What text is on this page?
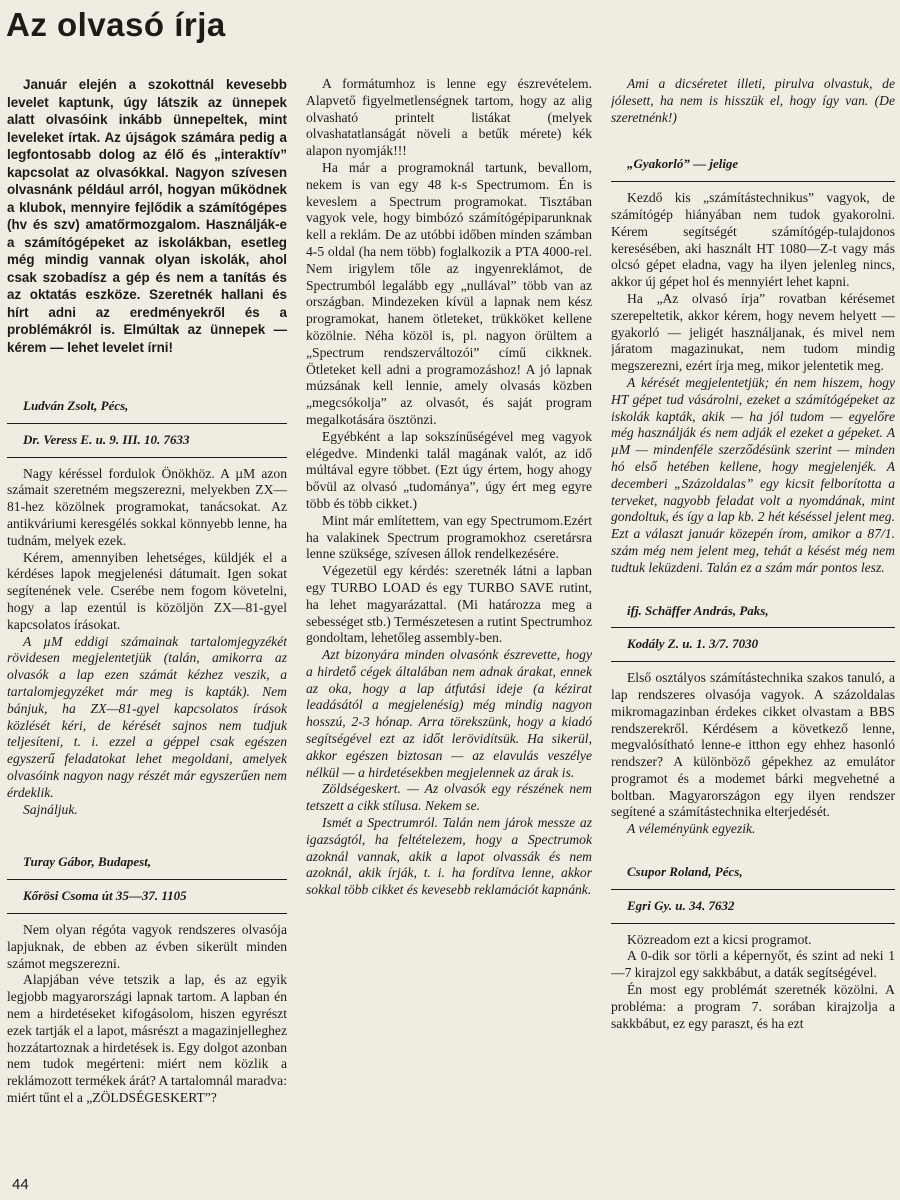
Az olvasó írja

Január elején a szokottnál kevesebb levelet kaptunk, úgy látszik az ünnepek alatt olvasóink inkább ünnepeltek, mint leveleket írtak. Az újságok számára pedig a legfontosabb dolog az élő és „interaktív” kapcsolat az olvasókkal. Nagyon szívesen olvasnánk például arról, hogyan működnek a klubok, mennyire fejlődik a számítógépes (hv és szv) amatőrmozgalom. Használják-e a számítógépeket az iskolákban, esetleg még mindig vannak olyan iskolák, ahol csak szobadísz a gép és nem a tanítás és az oktatás eszköze. Szeretnék hallani és hírt adni az eredményekről és a problémákról is. Elmúltak az ünnepek — kérem — lehet levelet írni!

Ludván Zsolt, Pécs,

Dr. Veress E. u. 9. III. 10. 7633

Nagy kéréssel fordulok Önökhöz. A µM azon számait szeretném megszerezni, melyekben ZX—81-hez közölnek programokat, tanácsokat. Az antikváriumi keresgélés sokkal könnyebb lenne, ha tudnám, melyek ezek.

Kérem, amennyiben lehetséges, küldjék el a kérdéses lapok megjelenési dátumait. Igen sokat segítenének vele. Cserébe nem fogom követelni, hogy a lap ezentúl is közöljön ZX—81-gyel kapcsolatos írásokat.

A µM eddigi számainak tartalomjegyzékét rövidesen megjelentetjük (talán, amikorra az olvasók a lap ezen számát kézhez veszik, a tartalomjegyzéket már meg is kapták). Nem bánjuk, ha ZX—81-gyel kapcsolatos írások közlését kéri, de kérését sajnos nem tudjuk teljesíteni, t. i. ezzel a géppel csak egészen egyszerű feladatokat lehet megoldani, amelyek olvasóink nagyon nagy részét már egyszerűen nem érdeklik.

Sajnáljuk.

Turay Gábor, Budapest,

Kőrösi Csoma út 35—37. 1105

Nem olyan régóta vagyok rendszeres olvasója lapjuknak, de ebben az évben sikerült minden számot megszerezni.

Alapjában véve tetszik a lap, és az egyik legjobb magyarországi lapnak tartom. A lapban én nem a hirdetéseket kifogásolom, hiszen egyrészt ezek tartják el a lapot, másrészt a magazinjelleghez hozzátartoznak a hirdetések is. Egy dolgot azonban nem tudok megérteni: miért nem közlik a reklámozott termékek árát? A tartalomnál maradva: miért tűnt el a „ZÖLDSÉGESKERT”?

A formátumhoz is lenne egy észrevételem. Alapvető figyelmetlenségnek tartom, hogy az alig olvasható printelt listákat (melyek olvashatatlanságát növeli a betűk mérete) kék alapon nyomják!!!

Ha már a programoknál tartunk, bevallom, nekem is van egy 48 k-s Spectrumom. Én is keveslem a Spectrum programokat. Tisztában vagyok vele, hogy bimbózó számítógépiparunknak kell a reklám. De az utóbbi időben minden számban 4-5 oldal (ha nem több) foglalkozik a PTA 4000-rel. Nem irigylem tőle az ingyenreklámot, de Spectrumból legalább egy „nullával” több van az országban. Mindezeken kívül a lapnak nem kész programokat, hanem ötleteket, trükköket kellene közölnie. Néha közöl is, pl. nagyon örültem a „Spectrum rendszerváltozói” című cikknek. Ötleteket kell adni a programozáshoz! A jó lapnak múzsának kell lennie, amely olvasás közben „megcsókolja” az olvasót, és saját program megalkotására ösztönzi.

Egyébként a lap sokszínűségével meg vagyok elégedve. Mindenki talál magának valót, az idő múltával egyre többet. (Ezt úgy értem, hogy ahogy bővül az olvasó „tudománya”, úgy ért meg egyre több és több cikket.)

Mint már említettem, van egy Spectrumom.Ezért ha valakinek Spectrum programokhoz cseretársra lenne szüksége, szívesen állok rendelkezésére.

Végezetül egy kérdés: szeretnék látni a lapban egy TURBO LOAD és egy TURBO SAVE rutint, ha lehet magyarázattal. (Mi határozza meg a sebességet stb.) Természetesen a rutint Spectrumhoz gondoltam, lehetőleg assembly-ben.

Azt bizonyára minden olvasónk észrevette, hogy a hirdető cégek általában nem adnak árakat, ennek az oka, hogy a lap átfutási ideje (a kézirat leadásától a megjelenésig) még mindig nagyon hosszú, 2-3 hónap. Arra törekszünk, hogy a kiadó segítségével ezt az időt lerövidítsük. Ha sikerül, akkor egészen biztosan — az elavulás veszélye nélkül — a hirdetésekben megjelennek az árak is.

Zöldségeskert. — Az olvasók egy részének nem tetszett a cikk stílusa. Nekem se.

Ismét a Spectrumról. Talán nem járok messze az igazságtól, ha feltételezem, hogy a Spectrumok azoknál vannak, akik a lapot olvassák és nem azoknál, akik írják, t. i. ha fordítva lenne, akkor sokkal több cikket és kevesebb reklamációt kapnánk.

Ami a dicséretet illeti, pirulva olvastuk, de jólesett, ha nem is hisszük el, hogy így van. (De szeretnénk!)

„Gyakorló” — jelige

Kezdő kis „számítástechnikus” vagyok, de számítógép hiányában nem tudok gyakorolni. Kérem segítségét számítógép-tulajdonos keresésében, aki használt HT 1080—Z-t vagy más olcsó gépet eladna, vagy ha ilyen jelenleg nincs, akkor új gépet hol és mennyiért lehet kapni.

Ha „Az olvasó írja” rovatban kérésemet szerepeltetik, akkor kérem, hogy nevem helyett — gyakorló — jeligét használjanak, és mivel nem járatom magazinukat, nem tudom mindig megszerezni, ezért írja meg, mikor jelentetik meg.

A kérését megjelentetjük; én nem hiszem, hogy HT gépet tud vásárolni, ezeket a számítógépeket az iskolák kapták, akik — ha jól tudom — egyelőre még használják és nem adják el ezeket a gépeket. A µM — mindenféle szerződésünk szerint — minden hó első hetében kellene, hogy megjelenjék. A decemberi „Százoldalas” egy kicsit felborította a terveket, nagyobb feladat volt a nyomdának, mint gondoltuk, és így a lap kb. 2 hét késéssel jelent meg. Ezt a választ január közepén írom, amikor a 87/1. szám még nem jelent meg, tehát a késést még nem tudtuk leküzdeni. Talán ez a szám már pontos lesz.

ifj. Schäffer András, Paks,

Kodály Z. u. 1. 3/7. 7030

Első osztályos számítástechnika szakos tanuló, a lap rendszeres olvasója vagyok. A százoldalas mikromagazinban érdekes cikket olvastam a BBS rendszerekről. Kérdésem a következő lenne, megvalósítható lenne-e itthon egy ehhez hasonló rendszer? A különböző gépekhez az emulátor programot és a modemet bárki megvehetné a boltban. Magyarországon egy ilyen rendszer segítené a számítástechnika elterjedését.

A véleményünk egyezik.

Csupor Roland, Pécs,

Egri Gy. u. 34. 7632

Közreadom ezt a kicsi programot.

A 0-dik sor törli a képernyőt, és szint ad neki 1—7 kirajzol egy sakkbábut, a daták segítségével.

Én most egy problémát szeretnék közölni. A probléma: a program 7. sorában kirajzolja a sakkbábut, ez egy paraszt, és ha ezt

44
